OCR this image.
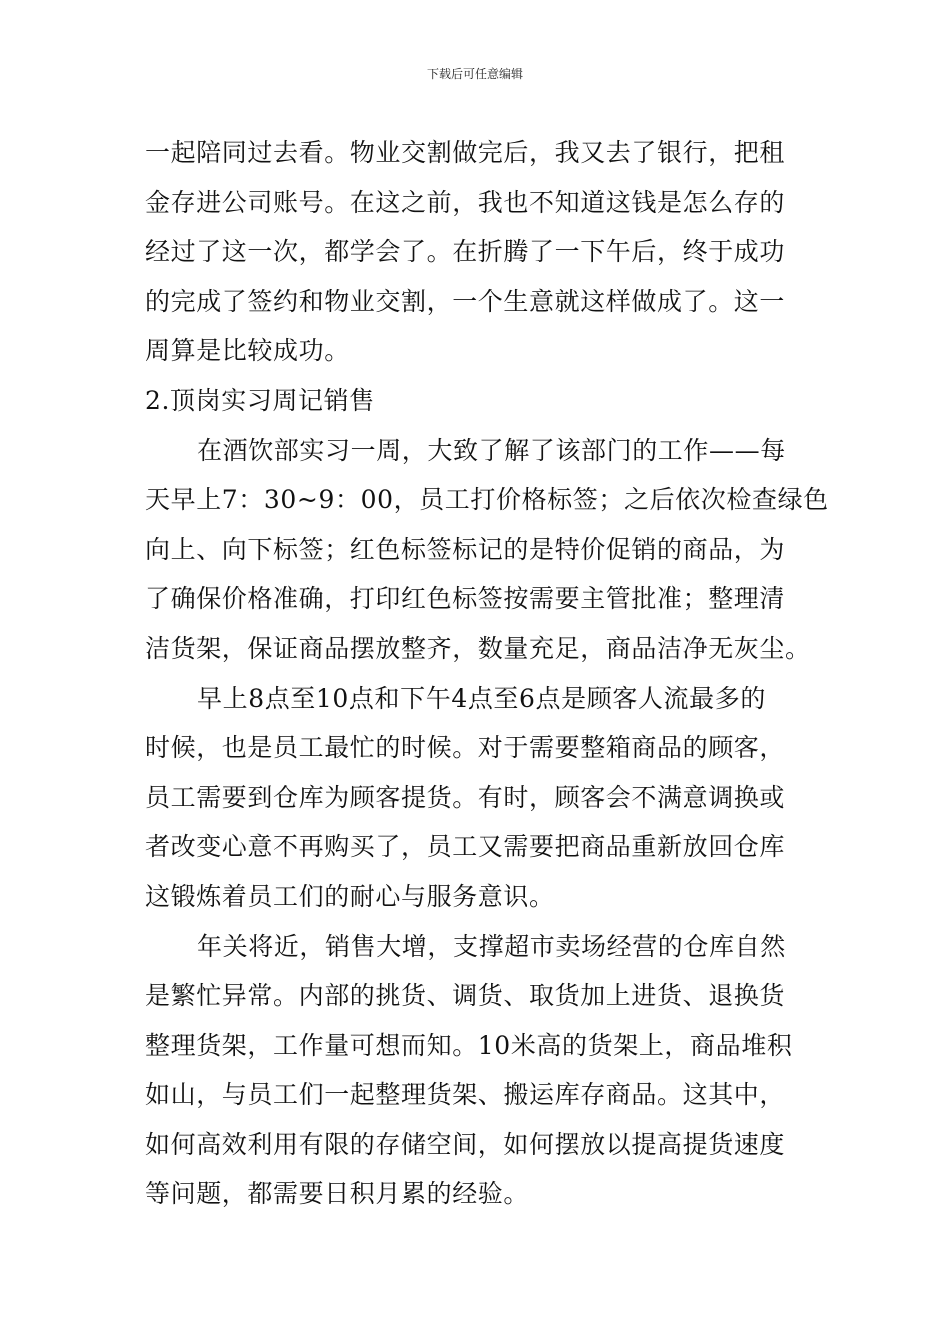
下载后可任意编辑
一起陪同过去看。物业交割做完后，我又去了银行，把租
金存进公司账号。在这之前，我也不知道这钱是怎么存的
经过了这一次，都学会了。在折腾了一下午后，终于成功
的完成了签约和物业交割，一个生意就这样做成了。这一
周算是比较成功。
2.顶岗实习周记销售
在酒饮部实习一周，大致了解了该部门的工作——每
天早上7：30~9：00，员工打价格标签；之后依次检查绿色
向上、向下标签；红色标签标记的是特价促销的商品，为
了确保价格准确，打印红色标签按需要主管批准；整理清
洁货架，保证商品摆放整齐，数量充足，商品洁净无灰尘。
早上8点至10点和下午4点至6点是顾客人流最多的
时候，也是员工最忙的时候。对于需要整箱商品的顾客，
员工需要到仓库为顾客提货。有时，顾客会不满意调换或
者改变心意不再购买了，员工又需要把商品重新放回仓库
这锻炼着员工们的耐心与服务意识。
年关将近，销售大增，支撑超市卖场经营的仓库自然
是繁忙异常。内部的挑货、调货、取货加上进货、退换货
整理货架，工作量可想而知。10米高的货架上，商品堆积
如山，与员工们一起整理货架、搬运库存商品。这其中，
如何高效利用有限的存储空间，如何摆放以提高提货速度
等问题，都需要日积月累的经验。
